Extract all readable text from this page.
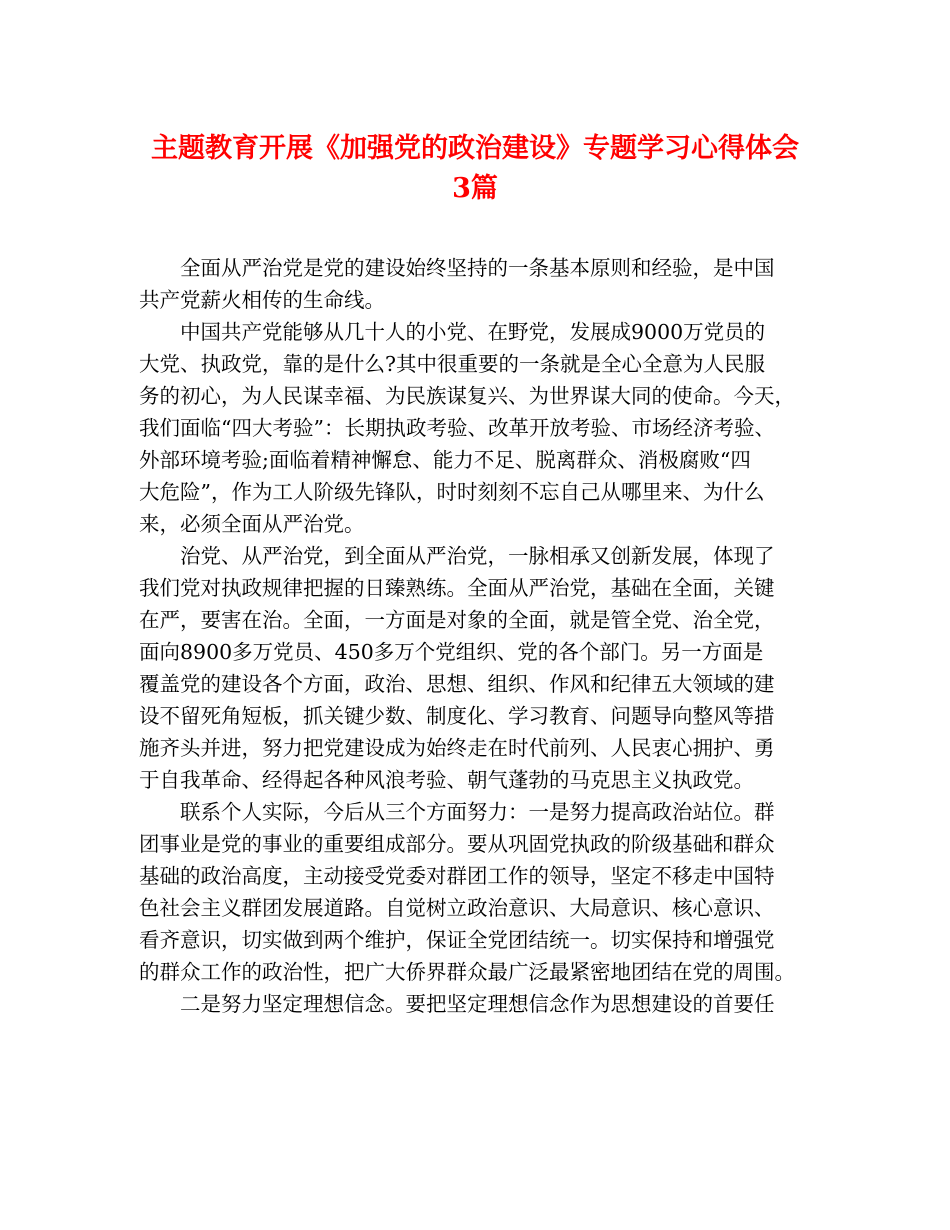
主题教育开展《加强党的政治建设》专题学习心得体会
3篇
全面从严治党是党的建设始终坚持的一条基本原则和经验，是中国
共产党薪火相传的生命线。
中国共产党能够从几十人的小党、在野党，发展成9000万党员的
大党、执政党，靠的是什么?其中很重要的一条就是全心全意为人民服
务的初心，为人民谋幸福、为民族谋复兴、为世界谋大同的使命。今天，
我们面临“四大考验”：长期执政考验、改革开放考验、市场经济考验、
外部环境考验;面临着精神懈怠、能力不足、脱离群众、消极腐败“四
大危险”，作为工人阶级先锋队，时时刻刻不忘自己从哪里来、为什么
来，必须全面从严治党。
治党、从严治党，到全面从严治党，一脉相承又创新发展，体现了
我们党对执政规律把握的日臻熟练。全面从严治党，基础在全面，关键
在严，要害在治。全面，一方面是对象的全面，就是管全党、治全党，
面向8900多万党员、450多万个党组织、党的各个部门。另一方面是
覆盖党的建设各个方面，政治、思想、组织、作风和纪律五大领域的建
设不留死角短板，抓关键少数、制度化、学习教育、问题导向整风等措
施齐头并进，努力把党建设成为始终走在时代前列、人民衷心拥护、勇
于自我革命、经得起各种风浪考验、朝气蓬勃的马克思主义执政党。
联系个人实际，今后从三个方面努力：一是努力提高政治站位。群
团事业是党的事业的重要组成部分。要从巩固党执政的阶级基础和群众
基础的政治高度，主动接受党委对群团工作的领导，坚定不移走中国特
色社会主义群团发展道路。自觉树立政治意识、大局意识、核心意识、
看齐意识，切实做到两个维护，保证全党团结统一。切实保持和增强党
的群众工作的政治性，把广大侨界群众最广泛最紧密地团结在党的周围。
二是努力坚定理想信念。要把坚定理想信念作为思想建设的首要任
